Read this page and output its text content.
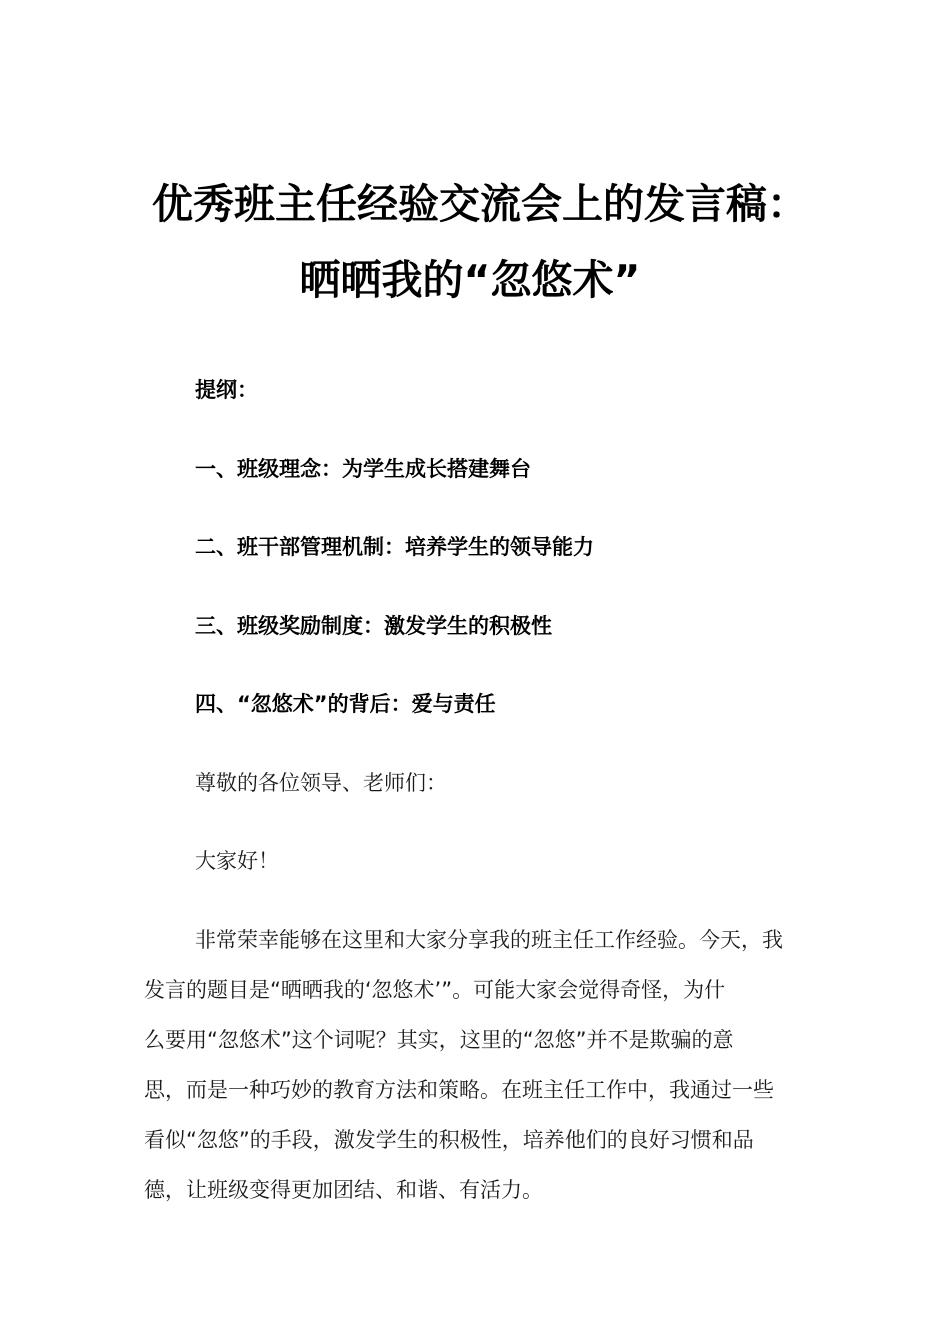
优秀班主任经验交流会上的发言稿：
晒晒我的“忽悠术”
提纲：
一、班级理念：为学生成长搭建舞台
二、班干部管理机制：培养学生的领导能力
三、班级奖励制度：激发学生的积极性
四、“忽悠术”的背后：爱与责任
尊敬的各位领导、老师们：
大家好！
非常荣幸能够在这里和大家分享我的班主任工作经验。今天，我
发言的题目是“晒晒我的‘忽悠术’”。可能大家会觉得奇怪，为什
么要用“忽悠术”这个词呢？其实，这里的“忽悠”并不是欺骗的意
思，而是一种巧妙的教育方法和策略。在班主任工作中，我通过一些
看似“忽悠”的手段，激发学生的积极性，培养他们的良好习惯和品
德，让班级变得更加团结、和谐、有活力。
